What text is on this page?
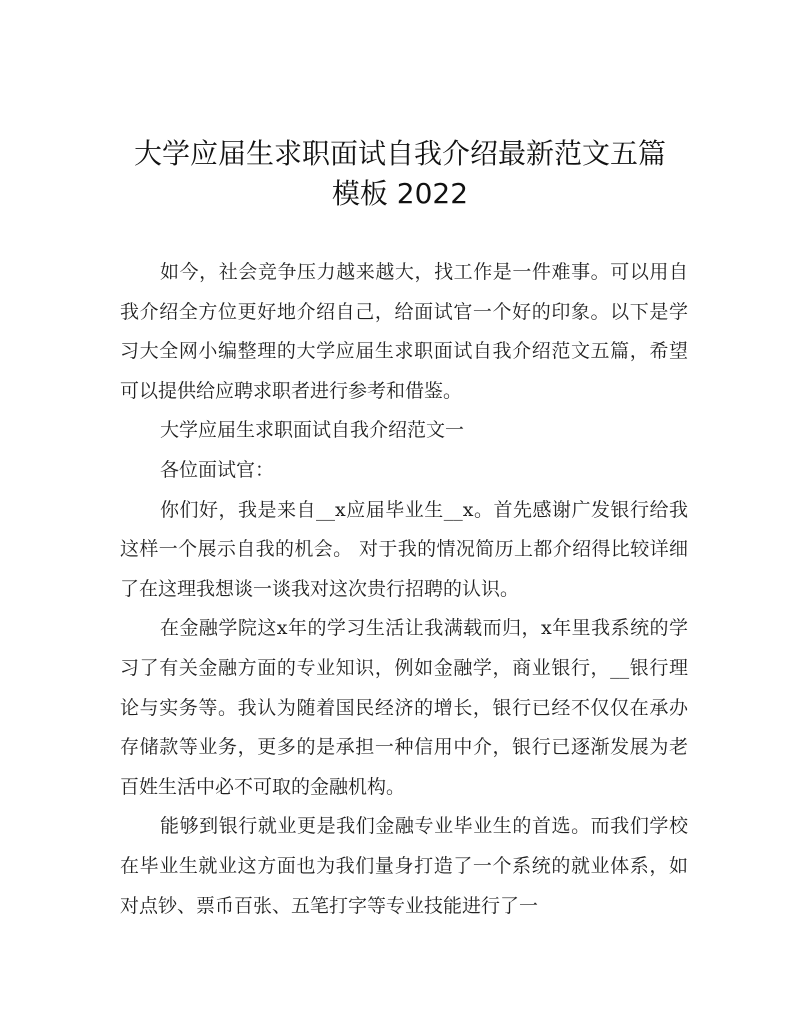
大学应届生求职面试自我介绍最新范文五篇
模板 2022

如今，社会竞争压力越来越大，找工作是一件难事。可以用自我介绍全方位更好地介绍自己，给面试官一个好的印象。以下是学习大全网小编整理的大学应届生求职面试自我介绍范文五篇，希望可以提供给应聘求职者进行参考和借鉴。

大学应届生求职面试自我介绍范文一

各位面试官：

你们好，我是来自__x应届毕业生__x。首先感谢广发银行给我这样一个展示自我的机会。 对于我的情况简历上都介绍得比较详细了在这理我想谈一谈我对这次贵行招聘的认识。

在金融学院这x年的学习生活让我满载而归，x年里我系统的学习了有关金融方面的专业知识，例如金融学，商业银行，__银行理论与实务等。我认为随着国民经济的增长，银行已经不仅仅在承办存储款等业务，更多的是承担一种信用中介，银行已逐渐发展为老百姓生活中必不可取的金融机构。

能够到银行就业更是我们金融专业毕业生的首选。而我们学校在毕业生就业这方面也为我们量身打造了一个系统的就业体系，如对点钞、票币百张、五笔打字等专业技能进行了一
